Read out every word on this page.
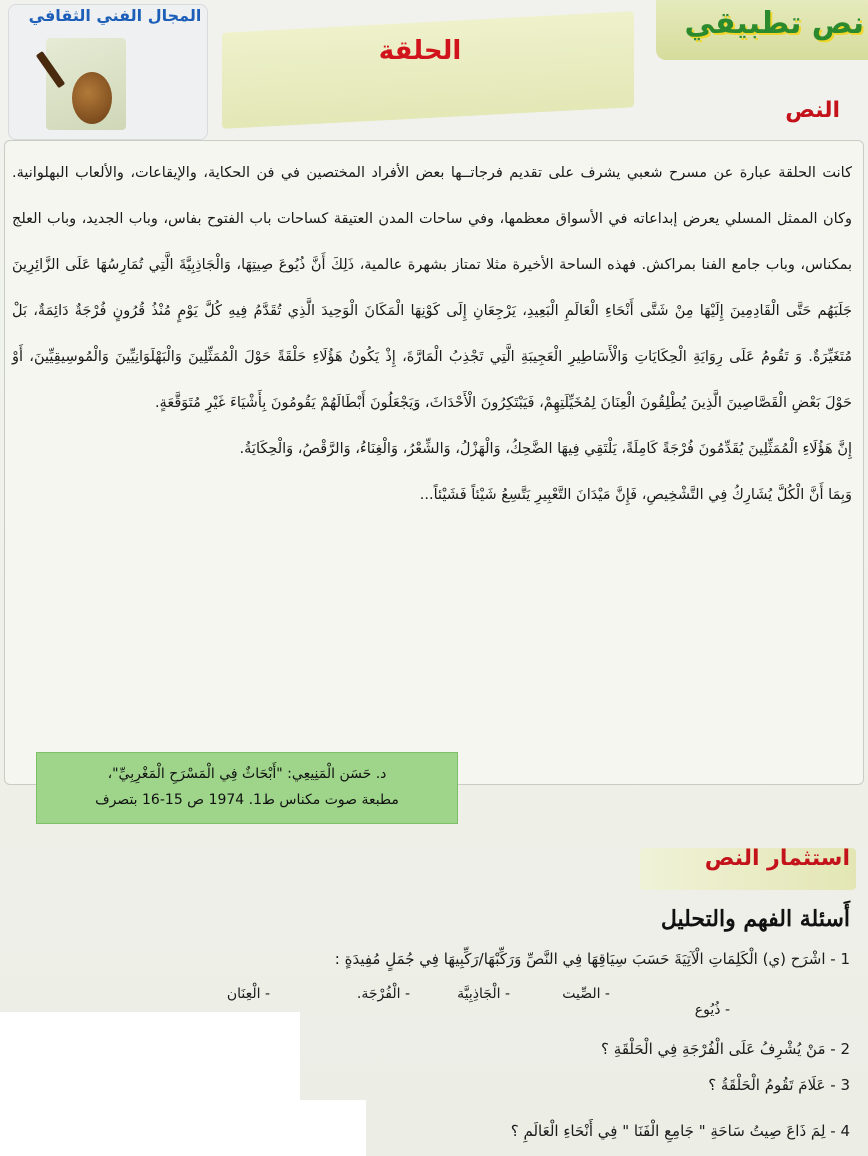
المجال الفني الثقافي
الحلقة
نص تطبيقي
النص

كانت الحلقة عبارة عن مسرح شعبي يشرف على تقديم فرجاتــها بعض الأفراد المختصين في فن الحكاية، والإيقاعات، والألعاب البهلوانية. وكان الممثل المسلي يعرض إبداعاته في الأسواق معظمها، وفي ساحات المدن العتيقة كساحات باب الفتوح بفاس، وباب الجديد، وباب العلج بمكناس، وباب جامع الفنا بمراكش. فهذه الساحة الأخيرة مثلا تمتاز بشهرة عالمية، ذَلِكَ أَنَّ ذُيُوعَ صِيتِهَا، وَالْجَاذِبِيَّةَ الَّتِي تُمَارِسُهَا عَلَى الزَّائِرِينَ جَلَبَهُم حَتَّى الْقَادِمِينَ إِلَيْهَا مِنْ شَتَّى أَنْحَاءِ الْعَالَمِ الْبَعِيدِ، يَرْجِعَانِ إِلَى كَوْنِهَا الْمَكَانَ الْوَحِيدَ الَّذِي تُقَدَّمُ فِيهِ كُلَّ يَوْمٍ مُنْذُ قُرُونٍ فُرْجَةٌ دَائِمَةٌ، بَلْ مُتَغَيِّرَةٌ. وَ تَقُومُ عَلَى رِوَايَةِ الْحِكَايَاتِ وَالْأَسَاطِيرِ الْعَجِيبَةِ الَّتِي تَجْذِبُ الْمَارَّةَ، إِذْ يَكُونُ هَؤُلَاءِ حَلْقَةً حَوْلَ الْمُمَثِّلِينَ وَالْبَهْلَوَانِيِّينَ وَالْمُوسِيقِيِّينَ، أَوْ حَوْلَ بَعْضِ الْقَصَّاصِينَ الَّذِينَ يُطْلِقُونَ الْعِنَانَ لِمُخَيِّلَتِهِمْ، فَيَبْتَكِرُونَ الْأَحْدَاثَ، وَيَجْعَلُونَ أَبْطَالَهُمْ يَقُومُونَ بِأَشْيَاءَ غَيْرِ مُتَوَقَّعَةٍ.

إِنَّ هَؤُلَاءِ الْمُمَثِّلِينَ يُقَدِّمُونَ فُرْجَةً كَامِلَةً، يَلْتَقِي فِيهَا الضَّحِكُ، وَالْهَزْلُ، وَالشِّعْرُ، وَالْغِنَاءُ، وَالرَّقْصُ، وَالْحِكَايَةُ.

وَبِمَا أَنَّ الْكُلَّ يُشَارِكُ فِي التَّشْخِيصِ، فَإِنَّ مَيْدَانَ التَّعْبِيرِ يَتَّسِعُ شَيْئاً فَشَيْئاً...

د. حَسَن الْمَنِيعِي: "أَبْحَاثٌ فِي الْمَسْرَحِ الْمَغْرِبِيِّ"،
مطبعة صوت مكناس ط1. 1974 ص 15-16 بتصرف
استثمار النص
أَسئلة الفهم والتحليل
1 - اشْرَح (ي) الْكَلِمَاتِ الْآتِيَةَ حَسَبَ سِيَاقِهَا فِي النَّصِّ وَرَكِّبْهَا/رَكِّبِيهَا فِي جُمَلٍ مُفِيدَةٍ :
- ذُيُوع
- الصِّيت
- الْجَاذِبِيَّة
- الْفُرْجَة.
- الْعِنَان
2 - مَنْ يُشْرِفُ عَلَى الْفُرْجَةِ فِي الْحَلْقَةِ ؟
3 - عَلَامَ تَقُومُ الْحَلْقَةُ ؟
4 - لِمَ ذَاعَ صِيتُ سَاحَةِ " جَامِعِ الْفَنَا " فِي أَنْحَاءِ الْعَالَمِ ؟
